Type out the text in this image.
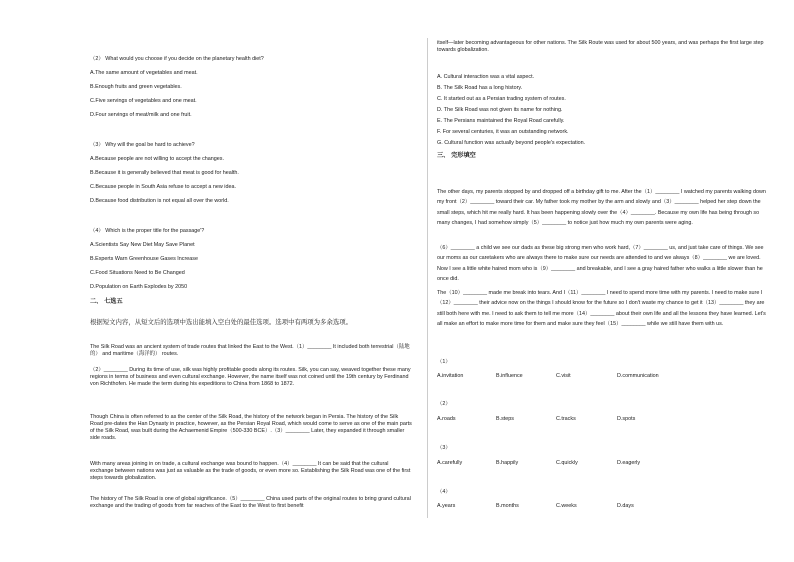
（2） What would you choose if you decide on the planetary health diet?
A.The same amount of vegetables and meat.
B.Enough fruits and green vegetables.
C.Five servings of vegetables and one meat.
D.Four servings of meat/milk and one fruit.
（3） Why will the goal be hard to achieve?
A.Because people are not willing to accept the changes.
B.Because it is generally believed that meat is good for health.
C.Because people in South Asia refuse to accept a new idea.
D.Because food distribution is not equal all over the world.
（4） Which is the proper title for the passage'?
A.Scientists Say New Diet May Save Planet
B.Experts Warn Greenhouse Gases Increase
C.Food Situations Need to Be Changed
D.Population on Earth Explodes by 2050
二、 七选五
根据短文内容，从短文后的选项中选出能填入空白处的最佳选项。选项中有两项为多余选项。
The Silk Road was an ancient system of trade routes that linked the East to the West.（1）________ It included both terrestrial（陆地的） and maritime（海洋的） routes.
（2）________ During its time of use, silk was highly profitable goods along its routes. Silk, you can say, weaved together these many regions in terms of business and even cultural exchange. However, the name itself was not coined until the 19th century by Ferdinand von Richthofen. He made the term during his expeditions to China from 1868 to 1872.
Though China is often referred to as the center of the Silk Road, the history of the network began in Persia. The history of the Silk Road pre-dates the Han Dynasty in practice, however, as the Persian Royal Road, which would come to serve as one of the main parts of the Silk Road, was built during the Achaemenid Empire（500-330 BCE）.（3）________ Later, they expanded it through smaller side roads.
With many areas joining in on trade, a cultural exchange was bound to happen.（4）________ It can be said that the cultural exchange between nations was just as valuable as the trade of goods, or even more so. Establishing the Silk Road was one of the first steps towards globalization.
The history of The Silk Road is one of global significance.（5）________ China used parts of the original routes to bring grand cultural exchange and the trading of goods from far reaches of the East to the West to first benefit
itself—later becoming advantageous for other nations. The Silk Route was used for about 500 years, and was perhaps the first large step towards globalization.
A. Cultural interaction was a vital aspect.
B. The Silk Road has a long history.
C. It started out as a Persian trading system of routes.
D. The Silk Road was not given its name for nothing.
E. The Persians maintained the Royal Road carefully.
F. For several centuries, it was an outstanding network.
G. Cultural function was actually beyond people's expectation.
三、 完形填空
The other days, my parents stopped by and dropped off a birthday gift to me. After the（1）________ I watched my parents walking down my front（2）________ toward their car. My father took my mother by the arm and slowly and（3）________ helped her step down the small steps, which hit me really hard. It has been happening slowly over the（4）________. Because my own life has being through so many changes, I had somehow simply（5）________ to notice just how much my own parents were aging.
（6）________ a child we see our dads as these big strong men who work hard,（7）________ us, and just take care of things. We see our moms as our caretakers who are always there to make sure our needs are attended to and we always（8）________ we are loved. Now I see a little white haired mom who is（9）________ and breakable, and I see a gray haired father who walks a little slower than he once did.
The（10）________ made me break into tears. And I（11）________ I need to spend more time with my parents. I need to make sure I（12）________ their advice now on the things I should know for the future so I don't waste my chance to get it（13）________ they are still both here with me. I need to ask them to tell me more（14）________ about their own life and all the lessons they have learned. Let's all make an effort to make more time for them and make sure they feel（15）________ while we still have them with us.
（1）
A.invitation	B.influence	C.visit	D.communication
（2）
A.roads	B.steps	C.tracks	D.spots
（3）
A.carefully	B.happily	C.quickly	D.eagerly
（4）
A.years	B.months	C.weeks	D.days
